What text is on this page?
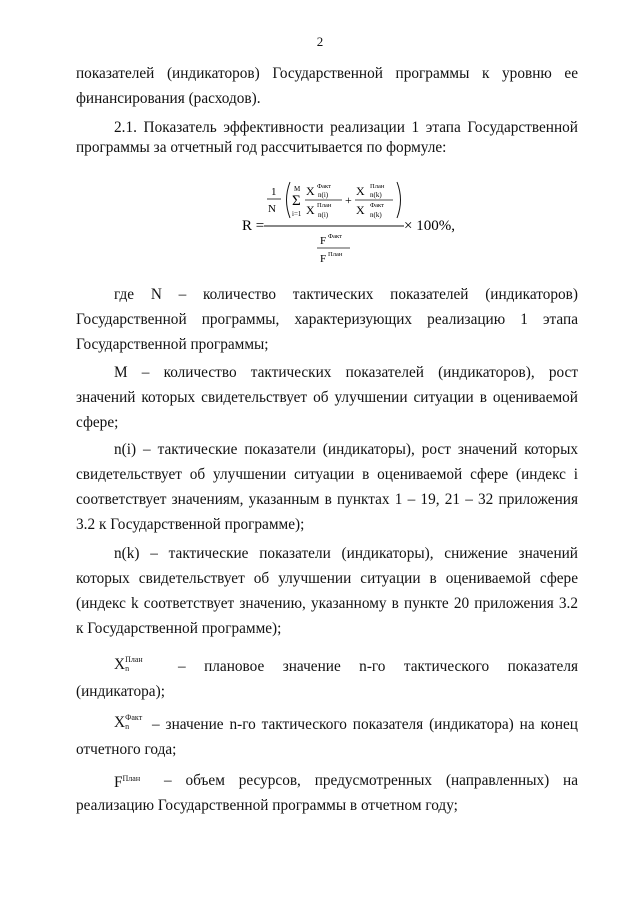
2
показателей (индикаторов) Государственной программы к уровню ее
финансирования (расходов).
2.1. Показатель эффективности реализации 1 этапа Государственной
программы за отчетный год рассчитывается по формуле:
R =
1
N
M
Σ
i=1
X Факт
n(i)
X План
n(i)
+
X План
n(k)
X Факт
n(k)
F Факт
F План
× 100%,
где N – количество тактических показателей (индикаторов)
Государственной программы, характеризующих реализацию 1 этапа
Государственной программы;
M – количество тактических показателей (индикаторов), рост
значений которых свидетельствует об улучшении ситуации в оцениваемой
сфере;
n(i) – тактические показатели (индикаторы), рост значений которых
свидетельствует об улучшении ситуации в оцениваемой сфере (индекс i
соответствует значениям, указанным в пунктах 1 – 19, 21 – 32 приложения
3.2 к Государственной программе);
n(k) – тактические показатели (индикаторы), снижение значений
которых свидетельствует об улучшении ситуации в оцениваемой сфере
(индекс k соответствует значению, указанному в пункте 20 приложения 3.2
к Государственной программе);
XПлан
n	– плановое значение n-го тактического показателя
(индикатора);
XФакт
n	– значение n-го тактического показателя (индикатора) на конец
отчетного года;
$F^{План}$ – объем ресурсов, предусмотренных (направленных) на
реализацию Государственной программы в отчетном году;
